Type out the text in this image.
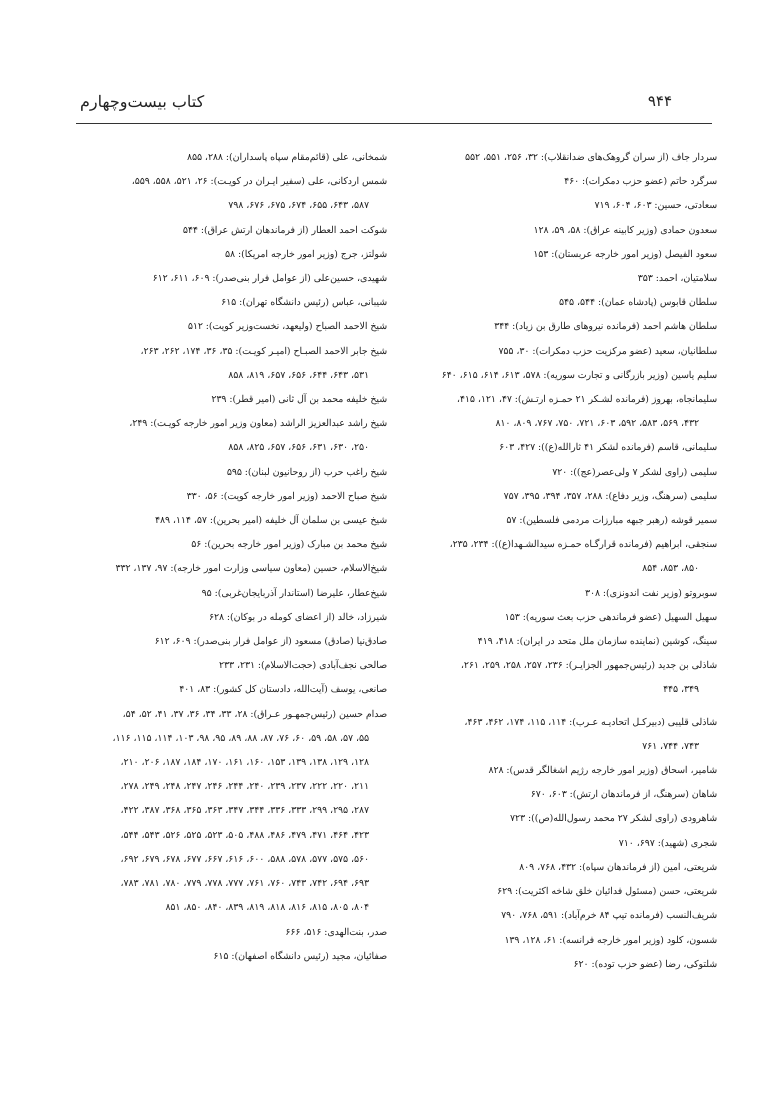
کتاب بیست‌وچهارم	۹۴۴

سردار جاف (از سران گروهک‌های ضدانقلاب): ۳۲، ۲۵۶، ۵۵۱، ۵۵۲

سرگرد حاتم (عضو حزب دمکرات): ۴۶۰

سعادتی، حسین: ۶۰۳، ۶۰۴، ۷۱۹

سعدون حمادی (وزیر کابینه عراق): ۵۸، ۵۹، ۱۲۸

سعود الفیصل (وزیر امور خارجه عربستان): ۱۵۳

سلامتیان، احمد: ۳۵۳

سلطان قابوس (پادشاه عمان): ۵۴۴، ۵۴۵

سلطان هاشم احمد (فرمانده نیروهای طارق بن زیاد): ۳۴۴

سلطانیان، سعید (عضو مرکزیت حزب دمکرات): ۳۰، ۷۵۵

سلیم یاسین (وزیر بازرگانی و تجارت سوریه): ۵۷۸، ۶۱۳، ۶۱۴، ۶۱۵، ۶۴۰

سلیمانجاه، بهروز (فرمانده لشـکر ۲۱ حمـزه ارتـش): ۴۷، ۱۲۱، ۴۱۵،

۴۳۲، ۵۶۹، ۵۸۳، ۵۹۲، ۶۰۳، ۷۲۱، ۷۵۰، ۷۶۷، ۸۰۹، ۸۱۰

سلیمانی، قاسم (فرمانده لشکر ۴۱ ثارالله(ع)): ۴۲۷، ۶۰۳

سلیمی (راوی لشکر ۷ ولی‌عصر(عج)): ۷۲۰

سلیمی (سرهنگ، وزیر دفاع): ۲۸۸، ۳۵۷، ۳۹۴، ۳۹۵، ۷۵۷

سمیر قوشه (رهبر جبهه مبارزات مردمی فلسطین): ۵۷

سنجقی، ابراهیم (فرمانده قرارگـاه حمـزه سیدالشـهدا(ع)): ۲۳۴، ۲۳۵،

۸۵۰، ۸۵۳، ۸۵۴

سوبروتو (وزیر نفت اندونزی): ۳۰۸

سهیل السهیل (عضو فرماندهی حزب بعث سوریه): ۱۵۳

سینگ، کوشین (نماینده سازمان ملل متحد در ایران): ۴۱۸، ۴۱۹

شاذلی بن جدید (رئیس‌جمهور الجزایـر): ۲۳۶، ۲۵۷، ۲۵۸، ۲۵۹، ۲۶۱،

۳۴۹، ۴۴۵

شاذلی قلیبی (دبیرکـل اتحادیـه عـرب): ۱۱۴، ۱۱۵، ۱۷۴، ۴۶۲، ۴۶۳،

۷۴۳، ۷۴۴، ۷۶۱

شامیر، اسحاق (وزیر امور خارجه رژیم اشغالگر قدس): ۸۲۸

شاهان (سرهنگ، از فرماندهان ارتش): ۶۰۳، ۶۷۰

شاهرودی (راوی لشکر ۲۷ محمد رسول‌الله(ص)): ۷۲۳

شجری (شهید): ۶۹۷، ۷۱۰

شریعتی، امین (از فرماندهان سپاه): ۴۳۲، ۷۶۸، ۸۰۹

شریعتی، حسن (مسئول فدائیان خلق شاخه اکثریت): ۶۲۹

شریف‌النسب (فرمانده تیپ ۸۴ خرم‌آباد): ۵۹۱، ۷۶۸، ۷۹۰

شسون، کلود (وزیر امور خارجه فرانسه): ۶۱، ۱۲۸، ۱۳۹

شلتوکی، رضا (عضو حزب توده): ۶۲۰

شمخانی، علی (قائم‌مقام سپاه پاسداران): ۲۸۸، ۸۵۵

شمس اردکانی، علی (سفیر ایـران در کویـت): ۲۶، ۵۲۱، ۵۵۸، ۵۵۹،

۵۸۷، ۶۴۳، ۶۵۵، ۶۷۴، ۶۷۵، ۶۷۶، ۷۹۸

شوکت احمد العطار (از فرماندهان ارتش عراق): ۵۴۴

شولتز، جرج (وزیر امور خارجه امریکا): ۵۸

شهیدی، حسین‌علی (از عوامل فرار بنی‌صدر): ۶۰۹، ۶۱۱، ۶۱۲

شیبانی، عباس (رئیس دانشگاه تهران): ۶۱۵

شیخ الاحمد الصباح (ولیعهد، نخست‌وزیر کویت): ۵۱۲

شیخ جابر الاحمد الصبـاح (امیـر کویـت): ۳۵، ۳۶، ۱۷۴، ۲۶۲، ۲۶۳،

۵۳۱، ۶۴۳، ۶۴۴، ۶۵۶، ۶۵۷، ۸۱۹، ۸۵۸

شیخ خلیفه محمد بن آل ثانی (امیر قطر): ۲۳۹

شیخ راشد عبدالعزیز الراشد (معاون وزیر امور خارجه کویـت): ۲۴۹،

۲۵۰، ۶۳۰، ۶۳۱، ۶۵۶، ۶۵۷، ۸۲۵، ۸۵۸

شیخ راغب حرب (از روحانیون لبنان): ۵۹۵

شیخ صباح الاحمد (وزیر امور خارجه کویت): ۵۶، ۳۳۰

شیخ عیسی بن سلمان آل خلیفه (امیر بحرین): ۵۷، ۱۱۴، ۴۸۹

شیخ محمد بن مبارک (وزیر امور خارجه بحرین): ۵۶

شیخ‌الاسلام، حسین (معاون سیاسی وزارت امور خارجه): ۹۷، ۱۳۷، ۳۳۲

شیخ‌عطار، علیرضا (استاندار آذربایجان‌غربی): ۹۵

شیرزاد، خالد (از اعضای کومله در بوکان): ۶۲۸

صادق‌نیا (صادق) مسعود (از عوامل فرار بنی‌صدر): ۶۰۹، ۶۱۲

صالحی نجف‌آبادی (حجت‌الاسلام): ۲۳۱، ۲۳۳

صانعی، یوسف (آیت‌الله، دادستان کل کشور): ۸۳، ۴۰۱

صدام حسین (رئیس‌جمهـور عـراق): ۲۸، ۳۳، ۳۴، ۳۶، ۳۷، ۴۱، ۵۲، ۵۴،

۵۵، ۵۷، ۵۸، ۵۹، ۶۰، ۷۶، ۸۷، ۸۸، ۸۹، ۹۵، ۹۸، ۱۰۳، ۱۱۴، ۱۱۵، ۱۱۶،

۱۲۸، ۱۲۹، ۱۳۸، ۱۳۹، ۱۵۳، ۱۶۰، ۱۶۱، ۱۷۰، ۱۸۴، ۱۸۷، ۲۰۶، ۲۱۰،

۲۱۱، ۲۲۰، ۲۲۲، ۲۳۷، ۲۳۹، ۲۴۰، ۲۴۴، ۲۴۶، ۲۴۷، ۲۴۸، ۲۴۹، ۲۷۸،

۲۸۷، ۲۹۵، ۲۹۹، ۳۳۳، ۳۳۶، ۳۴۴، ۳۴۷، ۳۶۳، ۳۶۵، ۳۶۸، ۳۸۷، ۴۲۲،

۴۲۳، ۴۶۴، ۴۷۱، ۴۷۹، ۴۸۶، ۴۸۸، ۵۰۵، ۵۲۳، ۵۲۵، ۵۲۶، ۵۴۳، ۵۴۴،

۵۶۰، ۵۷۵، ۵۷۷، ۵۷۸، ۵۸۸، ۶۰۰، ۶۱۶، ۶۶۷، ۶۷۷، ۶۷۸، ۶۷۹، ۶۹۲،

۶۹۳، ۶۹۴، ۷۴۲، ۷۴۳، ۷۶۰، ۷۶۱، ۷۷۷، ۷۷۸، ۷۷۹، ۷۸۰، ۷۸۱، ۷۸۳،

۸۰۴، ۸۰۵، ۸۱۵، ۸۱۶، ۸۱۸، ۸۱۹، ۸۳۹، ۸۴۰، ۸۵۰، ۸۵۱

صدر، بنت‌الهدی: ۵۱۶، ۶۶۶

صفائیان، مجید (رئیس دانشگاه اصفهان): ۶۱۵
